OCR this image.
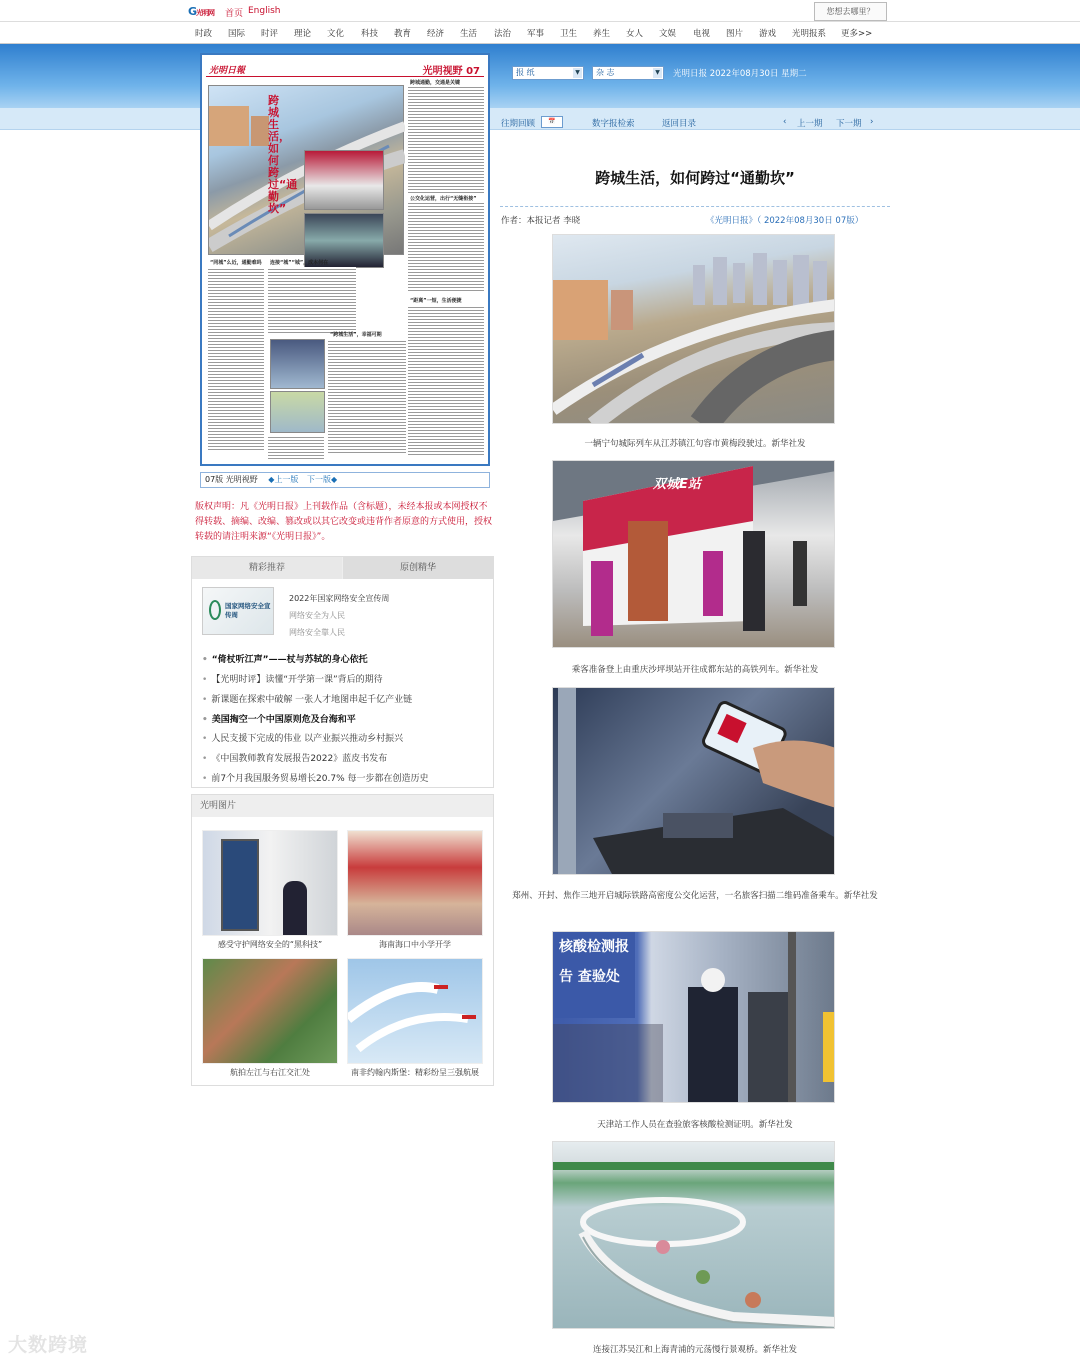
G光明网 首页 English	您想去哪里？
时政 国际 时评 理论 文化 科技 教育 经济 生活 法治 军事 卫生 养生 女人 文娱 电视 图片 游戏 光明报系 更多>>
报 纸	▼	杂 志	▼ 光明日报 2022年08月30日 星期二
往期回顾	📅	数字报检索	返回目录	‹ 上一期 下一期 ›
光明日報	光明视野 07
跨城生活，如何跨过“通勤坎”
“同城”么近，通勤难吗 连接“城”“城”，成本何在
“跨城生活”，幸福可期
跨城通勤，交通是关键
公交化运营，出行“无缝衔接”
“距离”一短，生活便捷
07版 光明视野 ◆上一版 下一版◆
版权声明：凡《光明日报》上刊载作品（含标题），未经本报或本网授权不得转载、摘编、改编、篡改或以其它改变或违背作者原意的方式使用，授权转载的请注明来源“《光明日报》”。
精彩推荐	原创精华
国家网络安全宣传周
2022年国家网络安全宣传周
网络安全为人民
网络安全靠人民
• “倚杖听江声”——杖与苏轼的身心依托
• 【光明时评】读懂“开学第一课”背后的期待
• 新课题在探索中破解 一张人才地图串起千亿产业链
• 美国掏空一个中国原则危及台海和平
• 人民支援下完成的伟业 以产业振兴推动乡村振兴
• 《中国教师教育发展报告2022》蓝皮书发布
• 前7个月我国服务贸易增长20.7% 每一步都在创造历史
光明图片
感受守护网络安全的“黑科技”	海南海口中小学开学
航拍左江与右江交汇处	南非约翰内斯堡：精彩纷呈三强航展
跨城生活，如何跨过“通勤坎”
作者：本报记者 李晓	《光明日报》（ 2022年08月30日 07版）
一辆宁句城际列车从江苏镇江句容市黄梅段驶过。新华社发
双城E站
乘客准备登上由重庆沙坪坝站开往成都东站的高铁列车。新华社发
郑州、开封、焦作三地开启城际铁路高密度公交化运营，一名旅客扫描二维码准备乘车。新华社发
核酸检测报告 查验处
天津站工作人员在查验旅客核酸检测证明。新华社发
连接江苏吴江和上海青浦的元荡慢行景观桥。新华社发
大数跨境
